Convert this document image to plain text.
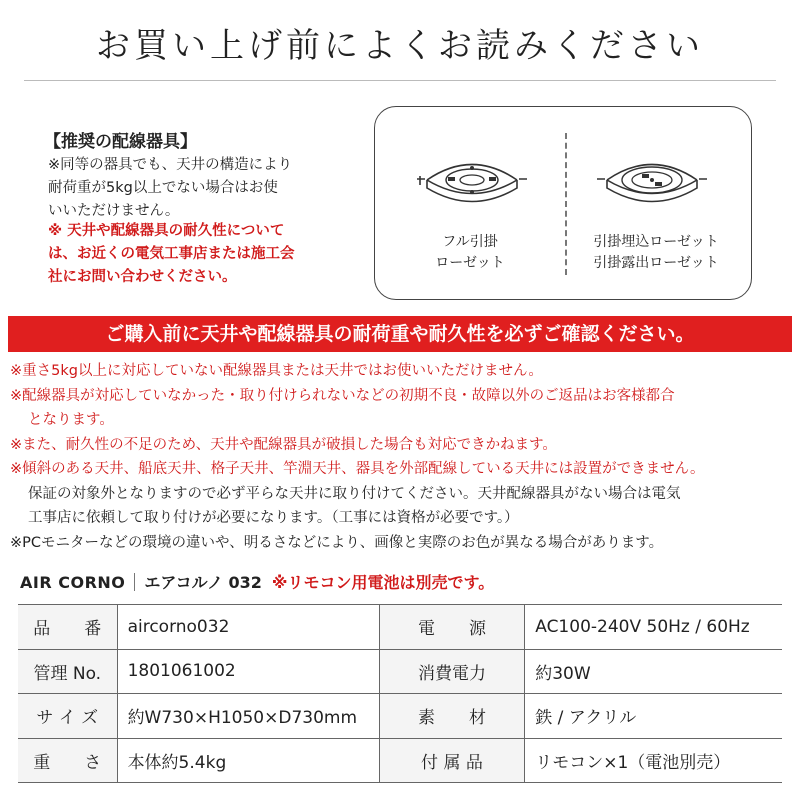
お買い上げ前によくお読みください
【推奨の配線器具】
※同等の器具でも、天井の構造により
耐荷重が5kg以上でない場合はお使
いいただけません。
※ 天井や配線器具の耐久性について
は、お近くの電気工事店または施工会
社にお問い合わせください。
フル引掛
ローゼット
引掛埋込ローゼット
引掛露出ローゼット
ご購入前に天井や配線器具の耐荷重や耐久性を必ずご確認ください。
※重さ5kg以上に対応していない配線器具または天井ではお使いいただけません。
※配線器具が対応していなかった・取り付けられないなどの初期不良・故障以外のご返品はお客様都合
となります。
※また、耐久性の不足のため、天井や配線器具が破損した場合も対応できかねます。
※傾斜のある天井、船底天井、格子天井、竿淵天井、器具を外部配線している天井には設置ができません。
保証の対象外となりますので必ず平らな天井に取り付けてください。天井配線器具がない場合は電気
工事店に依頼して取り付けが必要になります。（工事には資格が必要です。）
※PCモニターなどの環境の違いや、明るさなどにより、画像と実際のお色が異なる場合があります。
AIR CORNO エアコルノ 032 ※リモコン用電池は別売です。
品　　番	aircorno032	電　　源	AC100-240V 50Hz / 60Hz
管理 No.	1801061002	消費電力	約30W
サ イ ズ	約W730×H1050×D730mm	素　　材	鉄 / アクリル
重　　さ	本体約5.4kg	付 属 品	リモコン×1（電池別売）
